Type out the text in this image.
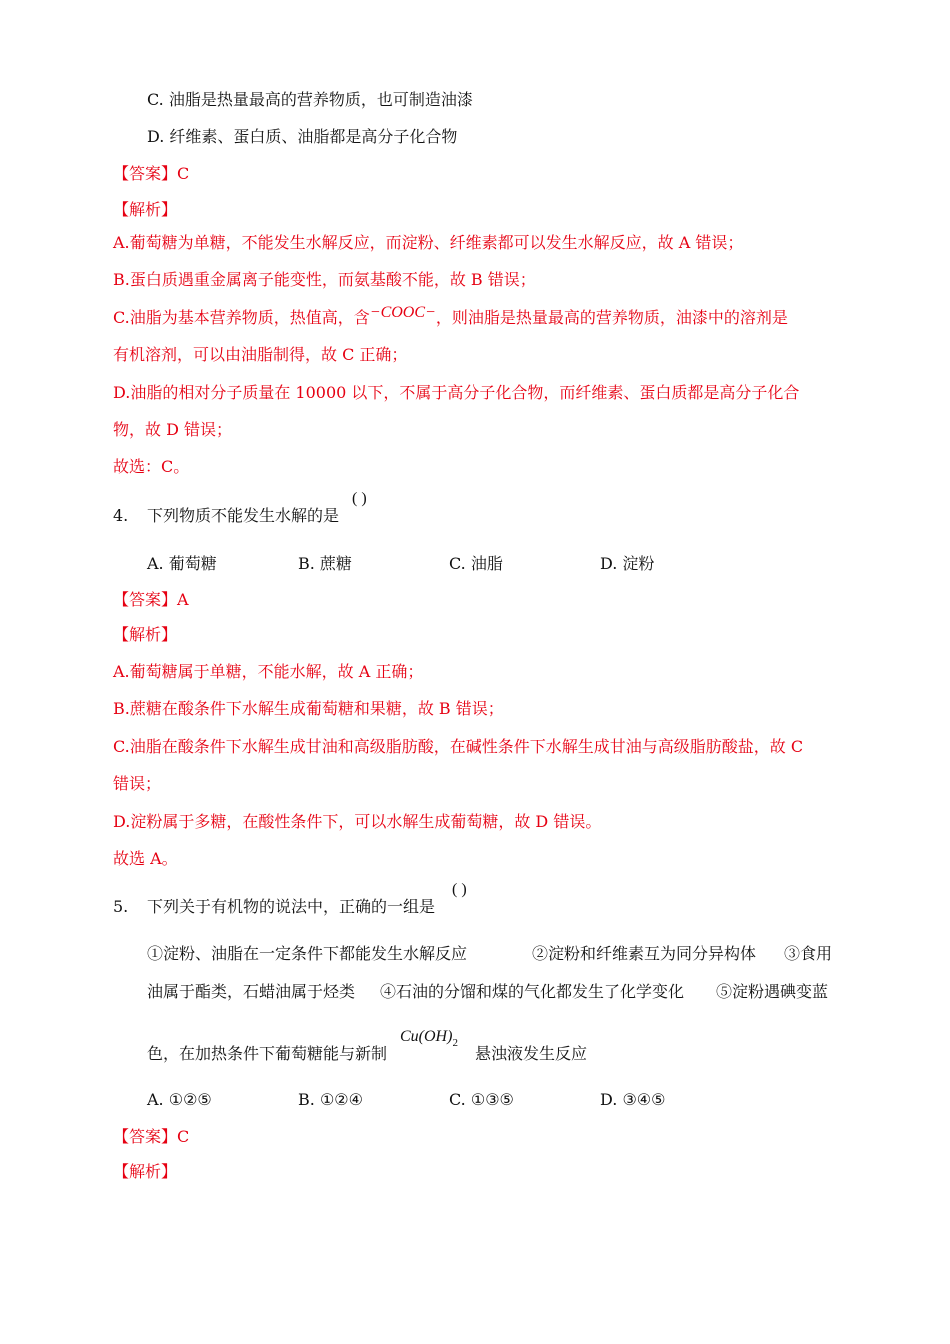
C. 油脂是热量最高的营养物质，也可制造油漆
D. 纤维素、蛋白质、油脂都是高分子化合物
【答案】C
【解析】
A.葡萄糖为单糖，不能发生水解反应，而淀粉、纤维素都可以发生水解反应，故 A 错误；
B.蛋白质遇重金属离子能变性，而氨基酸不能，故 B 错误；
C.油脂为基本营养物质，热值高，含−COOC−，则油脂是热量最高的营养物质，油漆中的溶剂是
有机溶剂，可以由油脂制得，故 C 正确；
D.油脂的相对分子质量在 10000 以下，不属于高分子化合物，而纤维素、蛋白质都是高分子化合
物，故 D 错误；
故选：C。
4. 下列物质不能发生水解的是
( )
A. 葡萄糖	B. 蔗糖	C. 油脂	D. 淀粉
【答案】A
【解析】
A.葡萄糖属于单糖，不能水解，故 A 正确；
B.蔗糖在酸条件下水解生成葡萄糖和果糖，故 B 错误；
C.油脂在酸条件下水解生成甘油和高级脂肪酸，在碱性条件下水解生成甘油与高级脂肪酸盐，故 C
错误；
D.淀粉属于多糖，在酸性条件下，可以水解生成葡萄糖，故 D 错误。
故选 A。
5. 下列关于有机物的说法中，正确的一组是
( )
①淀粉、油脂在一定条件下都能发生水解反应	②淀粉和纤维素互为同分异构体 ③食用
油属于酯类，石蜡油属于烃类 ④石油的分馏和煤的气化都发生了化学变化 ⑤淀粉遇碘变蓝
色，在加热条件下葡萄糖能与新制
$Cu(OH)_2$
悬浊液发生反应
A. ①②⑤	B. ①②④	C. ①③⑤	D. ③④⑤
【答案】C
【解析】
